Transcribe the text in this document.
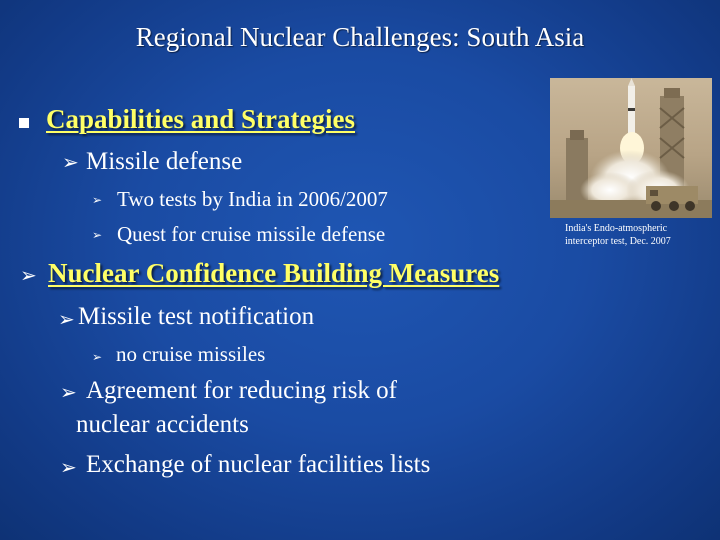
Regional Nuclear Challenges: South Asia
Capabilities and Strategies
➢ Missile defense
➢ Two tests by India in 2006/2007
➢ Quest for cruise missile defense	India's Endo-atmospheric
interceptor test, Dec. 2007
➢ Nuclear Confidence Building Measures
➢ Missile test notification
➢ no cruise missiles
➢ Agreement for reducing risk of
nuclear accidents
➢ Exchange of nuclear facilities lists
